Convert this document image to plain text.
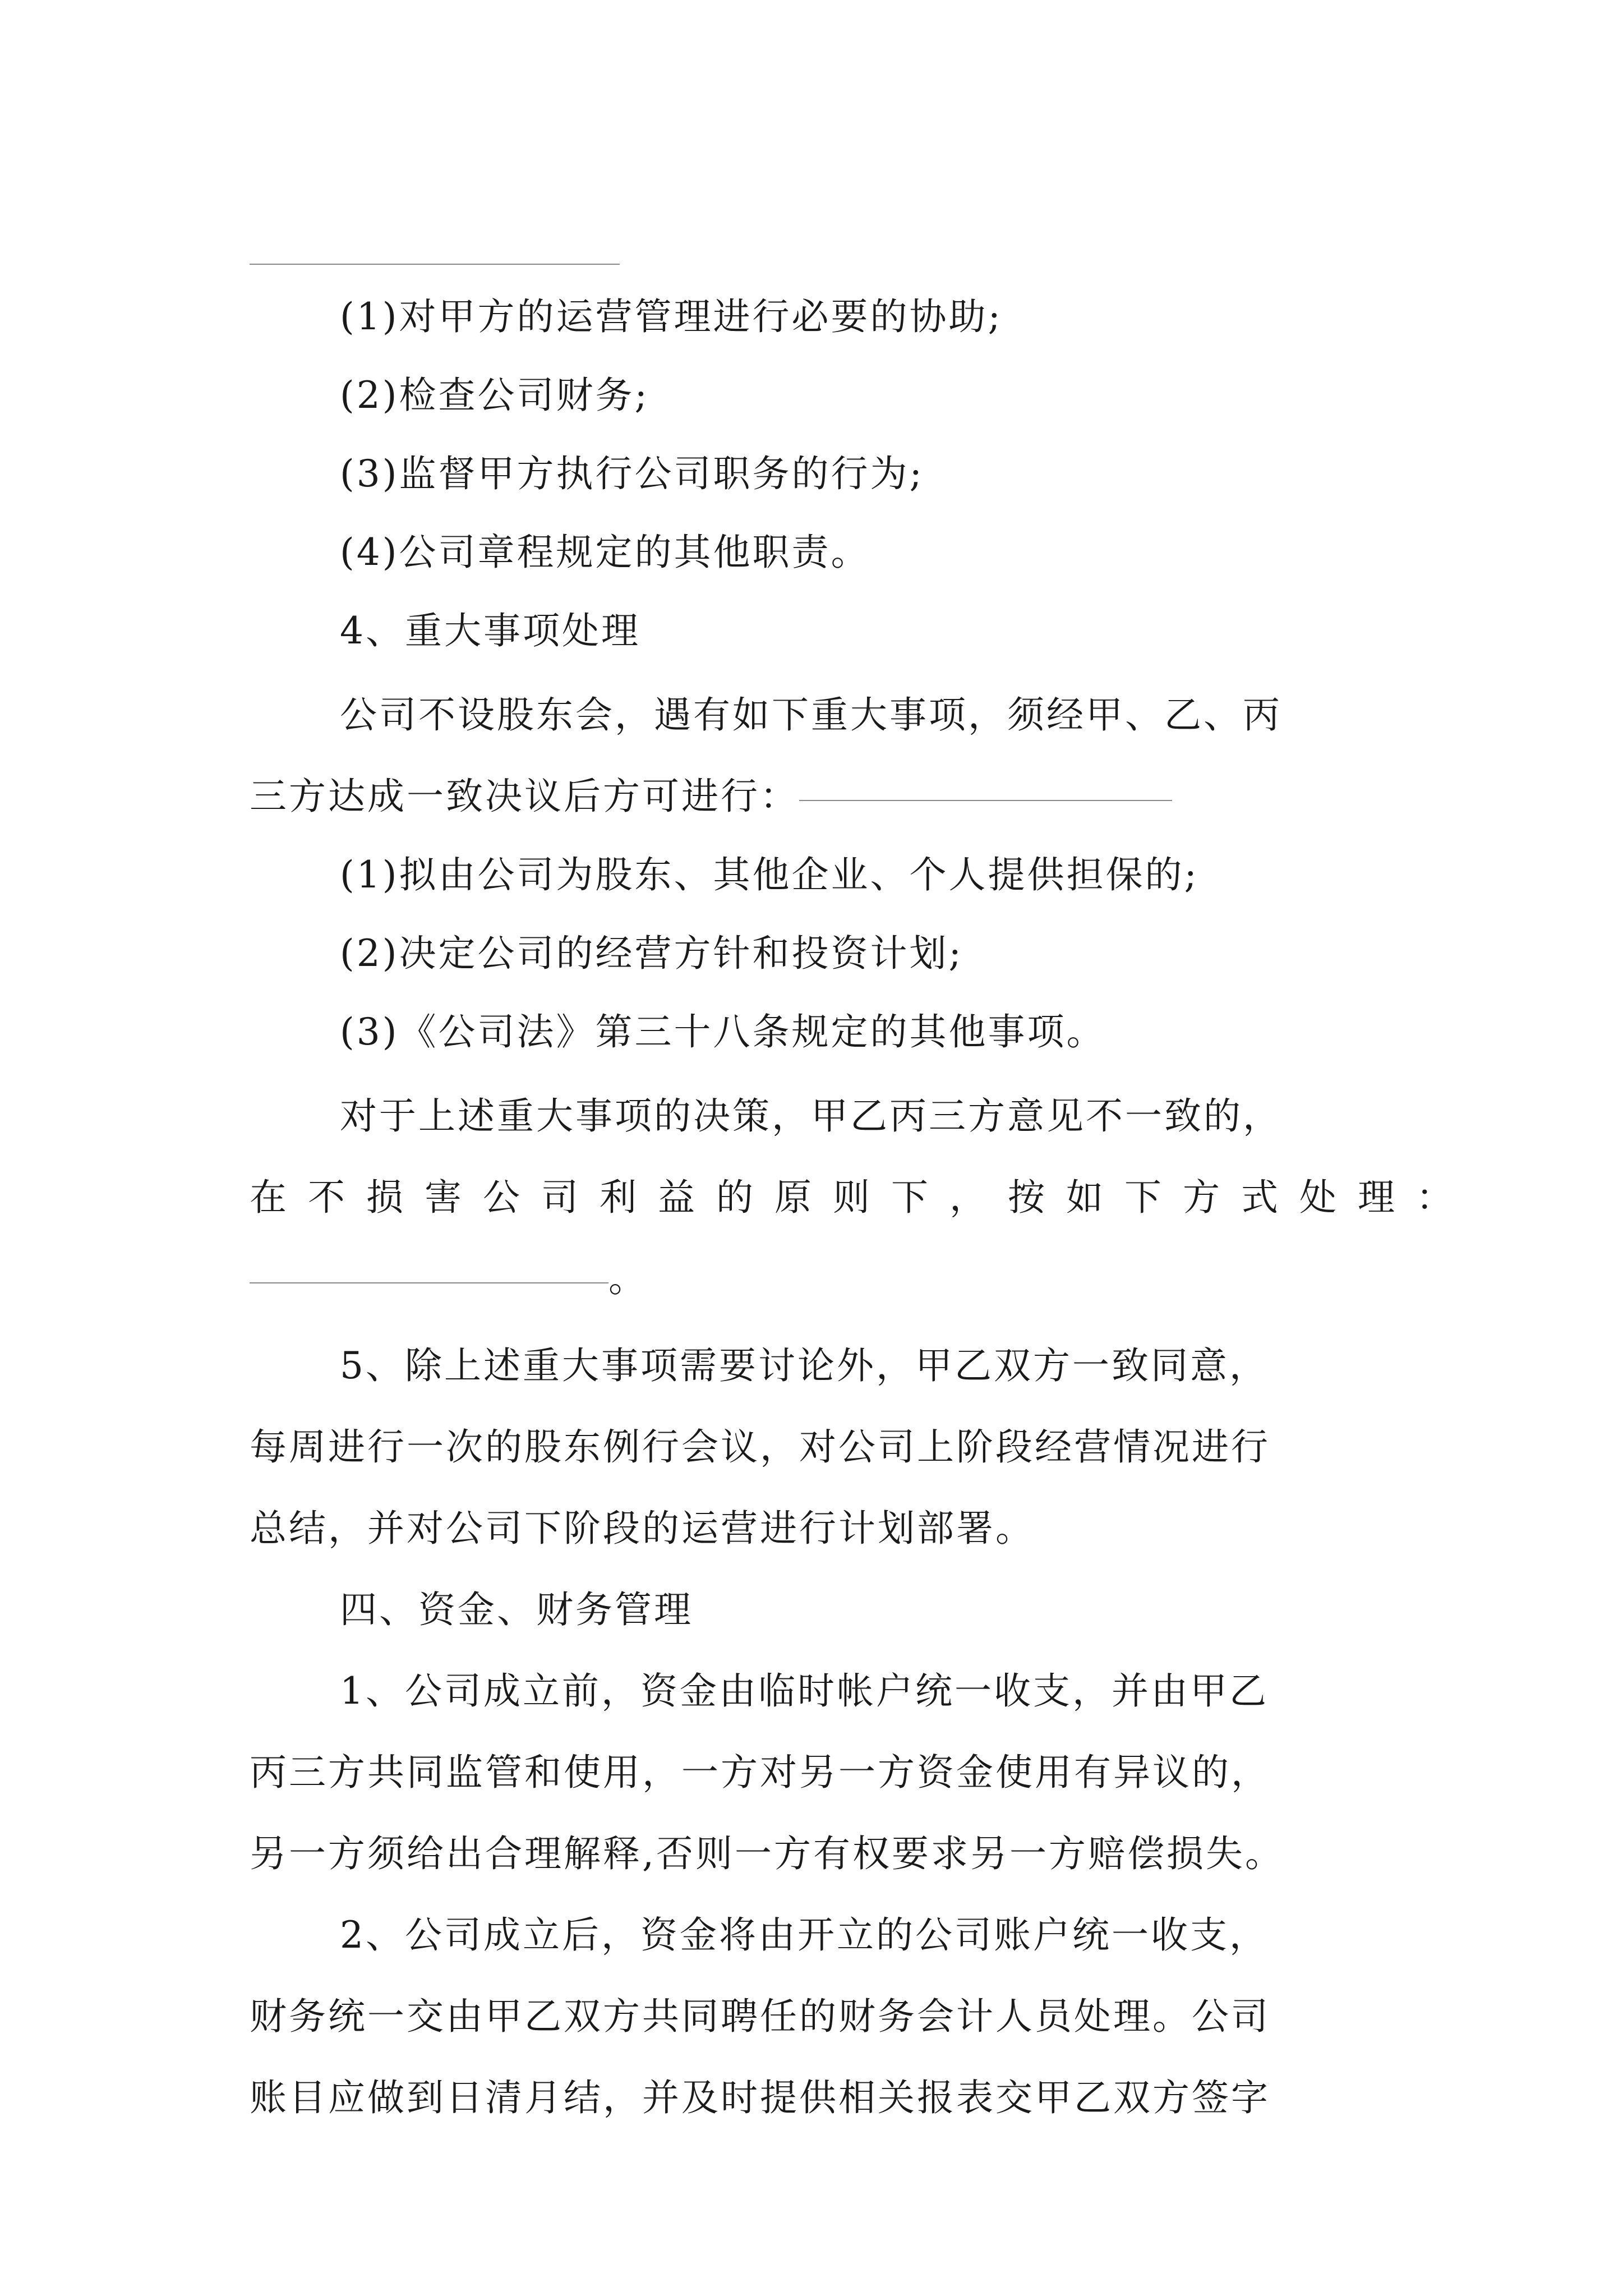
(1)对甲方的运营管理进行必要的协助;
(2)检查公司财务;
(3)监督甲方执行公司职务的行为;
(4)公司章程规定的其他职责。
4、重大事项处理
公司不设股东会，遇有如下重大事项，须经甲、乙、丙
三方达成一致决议后方可进行：
(1)拟由公司为股东、其他企业、个人提供担保的;
(2)决定公司的经营方针和投资计划;
(3)《公司法》第三十八条规定的其他事项。
对于上述重大事项的决策，甲乙丙三方意见不一致的，
在不损害公司利益的原则下，按如下方式处理：
。
5、除上述重大事项需要讨论外，甲乙双方一致同意，
每周进行一次的股东例行会议，对公司上阶段经营情况进行
总结，并对公司下阶段的运营进行计划部署。
四、资金、财务管理
1、公司成立前，资金由临时帐户统一收支，并由甲乙
丙三方共同监管和使用，一方对另一方资金使用有异议的，
另一方须给出合理解释,否则一方有权要求另一方赔偿损失。
2、公司成立后，资金将由开立的公司账户统一收支，
财务统一交由甲乙双方共同聘任的财务会计人员处理。公司
账目应做到日清月结，并及时提供相关报表交甲乙双方签字
